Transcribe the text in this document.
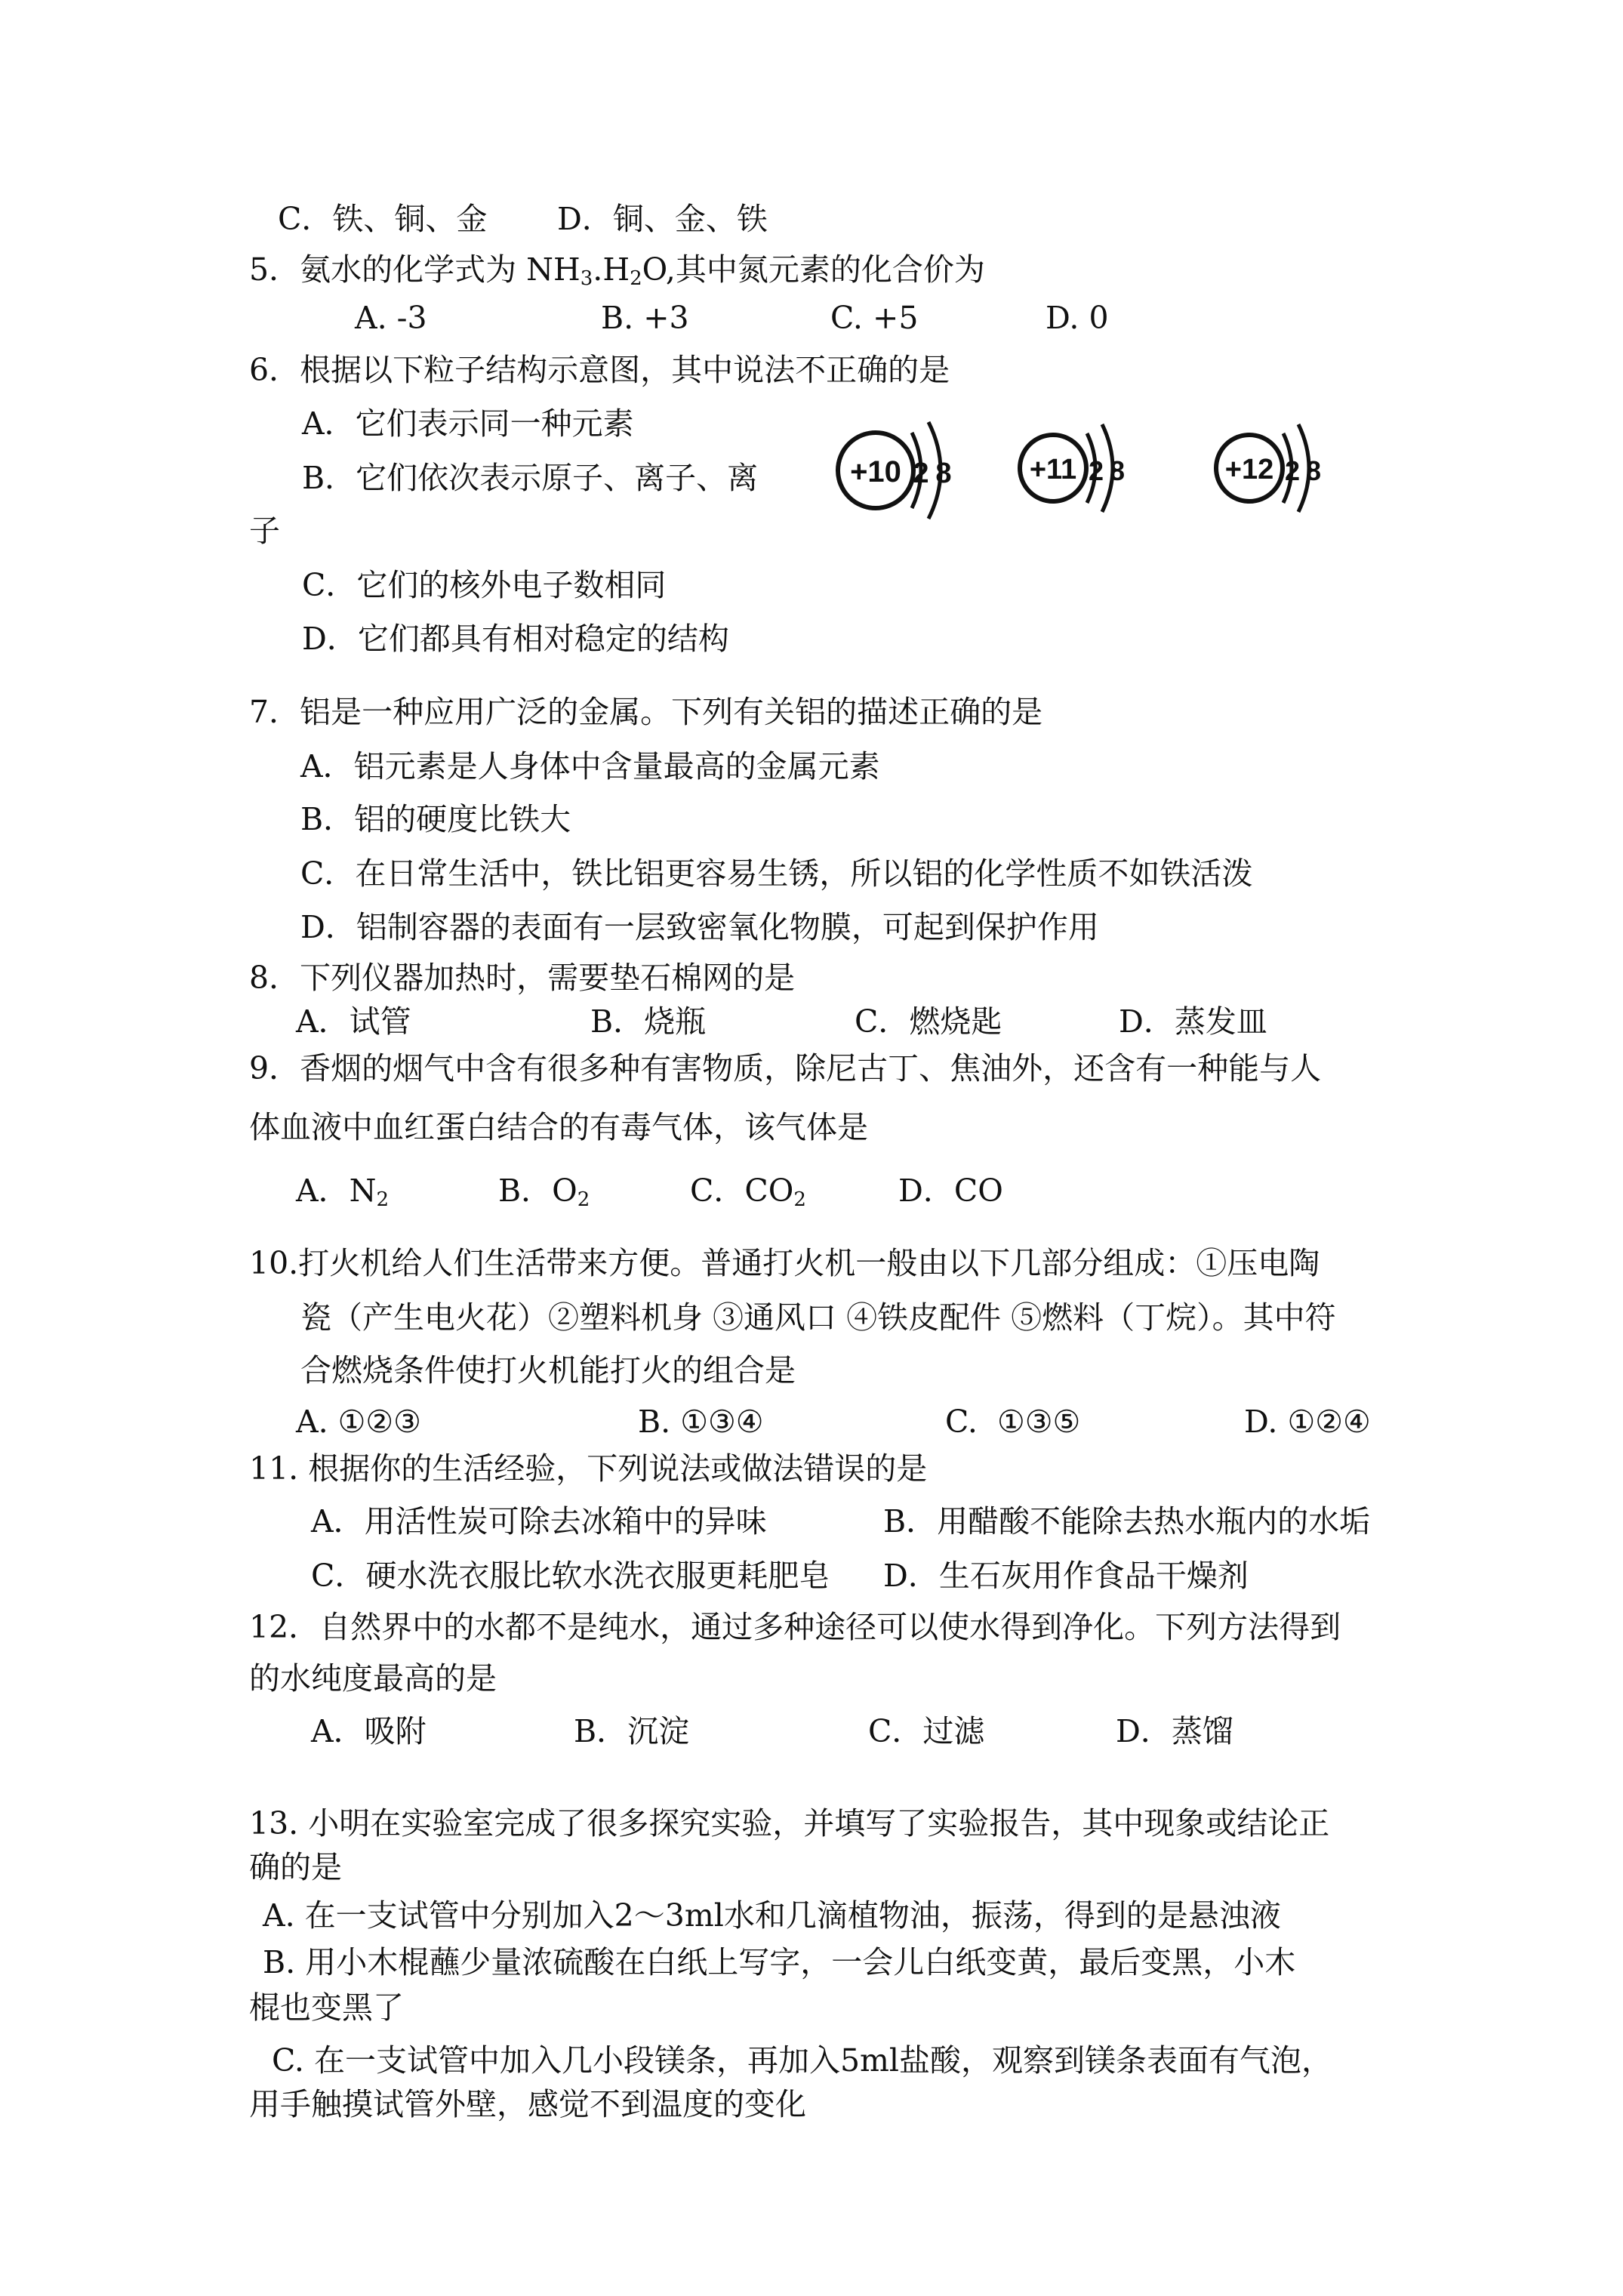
C．铁、铜、金 D．铜、金、铁
5．氨水的化学式为 $NH_3.H_2O$,其中氮元素的化合价为
A. -3	B. +3	C. +5	D. 0
6．根据以下粒子结构示意图，其中说法不正确的是
A．它们表示同一种元素
B．它们依次表示原子、离子、离
子
C．它们的核外电子数相同
D．它们都具有相对稳定的结构
+10 2 8	+11 2 8	+12 2 8
7．铝是一种应用广泛的金属。下列有关铝的描述正确的是
A．铝元素是人身体中含量最高的金属元素
B．铝的硬度比铁大
C．在日常生活中，铁比铝更容易生锈，所以铝的化学性质不如铁活泼
D．铝制容器的表面有一层致密氧化物膜，可起到保护作用
8．下列仪器加热时，需要垫石棉网的是
A．试管	B．烧瓶	C．燃烧匙	D．蒸发皿
9．香烟的烟气中含有很多种有害物质，除尼古丁、焦油外，还含有一种能与人
体血液中血红蛋白结合的有毒气体，该气体是
A．$N_2$	B．$O_2$	C．$CO_2$	D．CO
10.打火机给人们生活带来方便。普通打火机一般由以下几部分组成：①压电陶
瓷（产生电火花）②塑料机身 ③通风口 ④铁皮配件 ⑤燃料（丁烷）。其中符
合燃烧条件使打火机能打火的组合是
A. ①②③	B. ①③④	C.  ①③⑤	D. ①②④
11. 根据你的生活经验，下列说法或做法错误的是
A．用活性炭可除去冰箱中的异味	B．用醋酸不能除去热水瓶内的水垢
C．硬水洗衣服比软水洗衣服更耗肥皂 D．生石灰用作食品干燥剂
12．自然界中的水都不是纯水，通过多种途径可以使水得到净化。下列方法得到
的水纯度最高的是
A．吸附	B．沉淀	C．过滤	D．蒸馏
13. 小明在实验室完成了很多探究实验，并填写了实验报告，其中现象或结论正
确的是
A. 在一支试管中分别加入2～3ml水和几滴植物油，振荡，得到的是悬浊液
B. 用小木棍蘸少量浓硫酸在白纸上写字，一会儿白纸变黄，最后变黑，小木
棍也变黑了
C. 在一支试管中加入几小段镁条，再加入5ml盐酸，观察到镁条表面有气泡，
用手触摸试管外壁，感觉不到温度的变化
